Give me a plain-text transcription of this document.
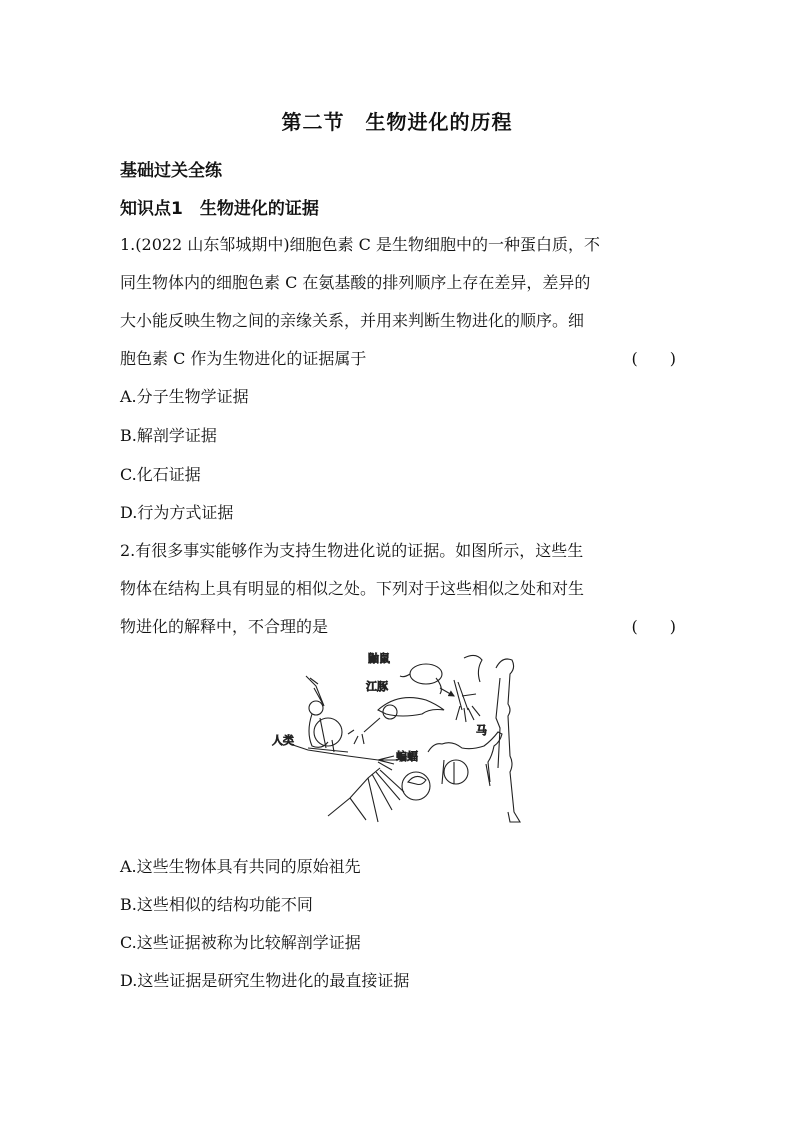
第二节　生物进化的历程
基础过关全练
知识点1　生物进化的证据
1.(2022 山东邹城期中)细胞色素 C 是生物细胞中的一种蛋白质，不
同生物体内的细胞色素 C 在氨基酸的排列顺序上存在差异，差异的
大小能反映生物之间的亲缘关系，并用来判断生物进化的顺序。细
胞色素 C 作为生物进化的证据属于	(　　)
A.分子生物学证据
B.解剖学证据
C.化石证据
D.行为方式证据
2.有很多事实能够作为支持生物进化说的证据。如图所示，这些生
物体在结构上具有明显的相似之处。下列对于这些相似之处和对生
物进化的解释中，不合理的是	(　　)
鼬鼠
江豚
人类
蝙蝠
马
A.这些生物体具有共同的原始祖先
B.这些相似的结构功能不同
C.这些证据被称为比较解剖学证据
D.这些证据是研究生物进化的最直接证据
